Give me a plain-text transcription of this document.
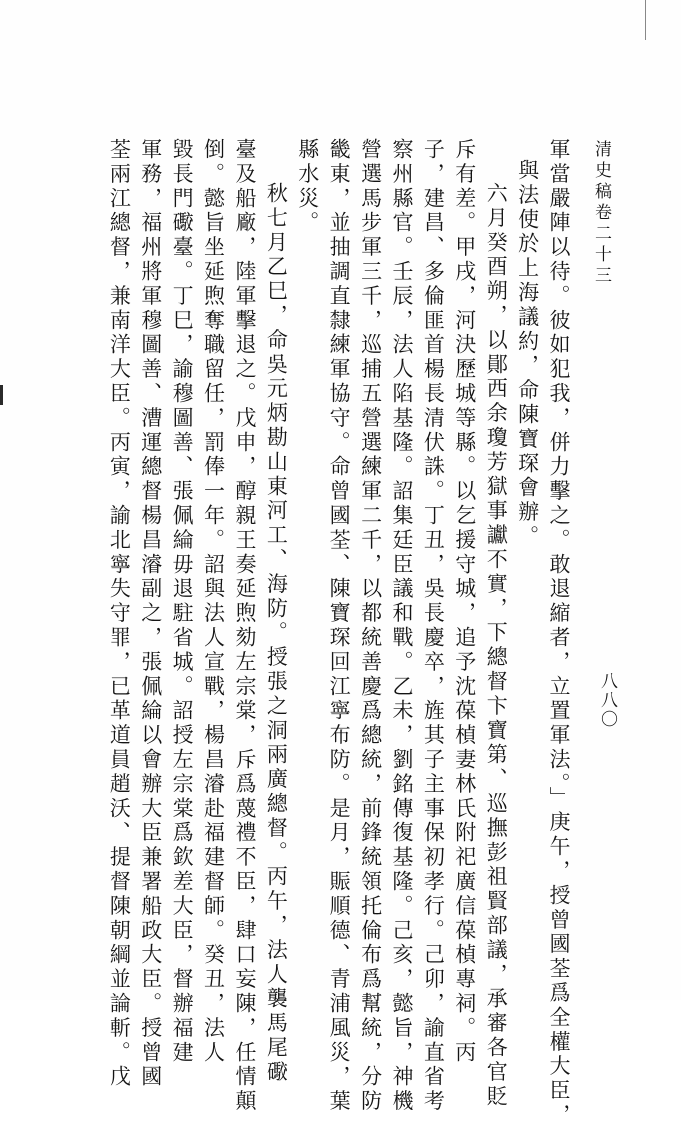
清史稿卷二十三
八八〇
軍當嚴陣以待。彼如犯我，併力擊之。敢退縮者，立置軍法。」庚午，授曾國荃爲全權大臣，
與法使於上海議約，命陳寶琛會辦。
六月癸酉朔，以鄖西余瓊芳獄事讞不實，下總督卞寶第、巡撫彭祖賢部議，承審各官貶
斥有差。甲戌，河決歷城等縣。以乞援守城，追予沈葆楨妻林氏附祀廣信葆楨專祠。丙
子，建昌、多倫匪首楊長清伏誅。丁丑，吳長慶卒，旌其子主事保初孝行。己卯，諭直省考
察州縣官。壬辰，法人陷基隆。詔集廷臣議和戰。乙未，劉銘傳復基隆。己亥，懿旨，神機
營選馬步軍三千，巡捕五營選練軍二千，以都統善慶爲總統，前鋒統領托倫布爲幫統，分防
畿東，並抽調直隸練軍協守。命曾國荃、陳寶琛回江寧布防。是月，賑順德、青浦風災，葉
縣水災。
秋七月乙巳，命吳元炳勘山東河工、海防。授張之洞兩廣總督。丙午，法人襲馬尾礮
臺及船廠，陸軍擊退之。戊申，醇親王奏延煦劾左宗棠，斥爲蔑禮不臣，肆口妄陳，任情顛
倒。懿旨坐延煦奪職留任，罰俸一年。詔與法人宣戰，楊昌濬赴福建督師。癸丑，法人
毀長門礮臺。丁巳，諭穆圖善、張佩綸毋退駐省城。詔授左宗棠爲欽差大臣，督辦福建
軍務，福州將軍穆圖善、漕運總督楊昌濬副之，張佩綸以會辦大臣兼署船政大臣。授曾國
荃兩江總督，兼南洋大臣。丙寅，諭北寧失守罪，已革道員趙沃、提督陳朝綱並論斬。戊
